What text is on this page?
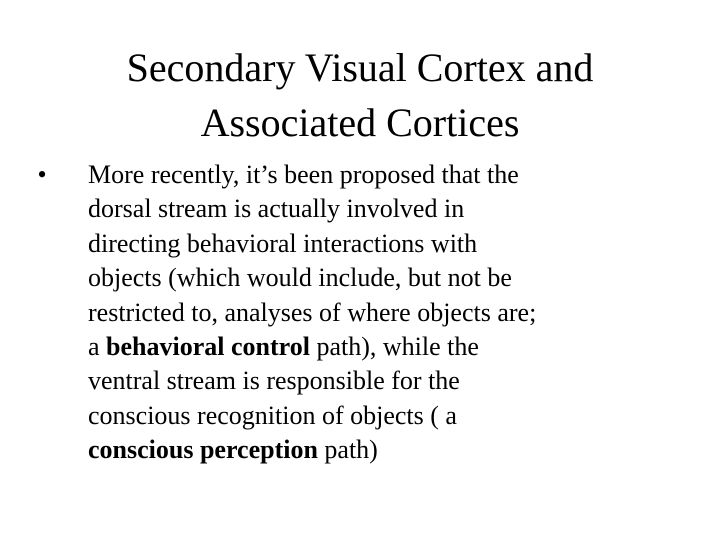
Secondary Visual Cortex and
Associated Cortices
• More recently, it’s been proposed that the
dorsal stream is actually involved in
directing behavioral interactions with
objects (which would include, but not be
restricted to, analyses of where objects are;
a behavioral control path), while the
ventral stream is responsible for the
conscious recognition of objects ( a
conscious perception path)
